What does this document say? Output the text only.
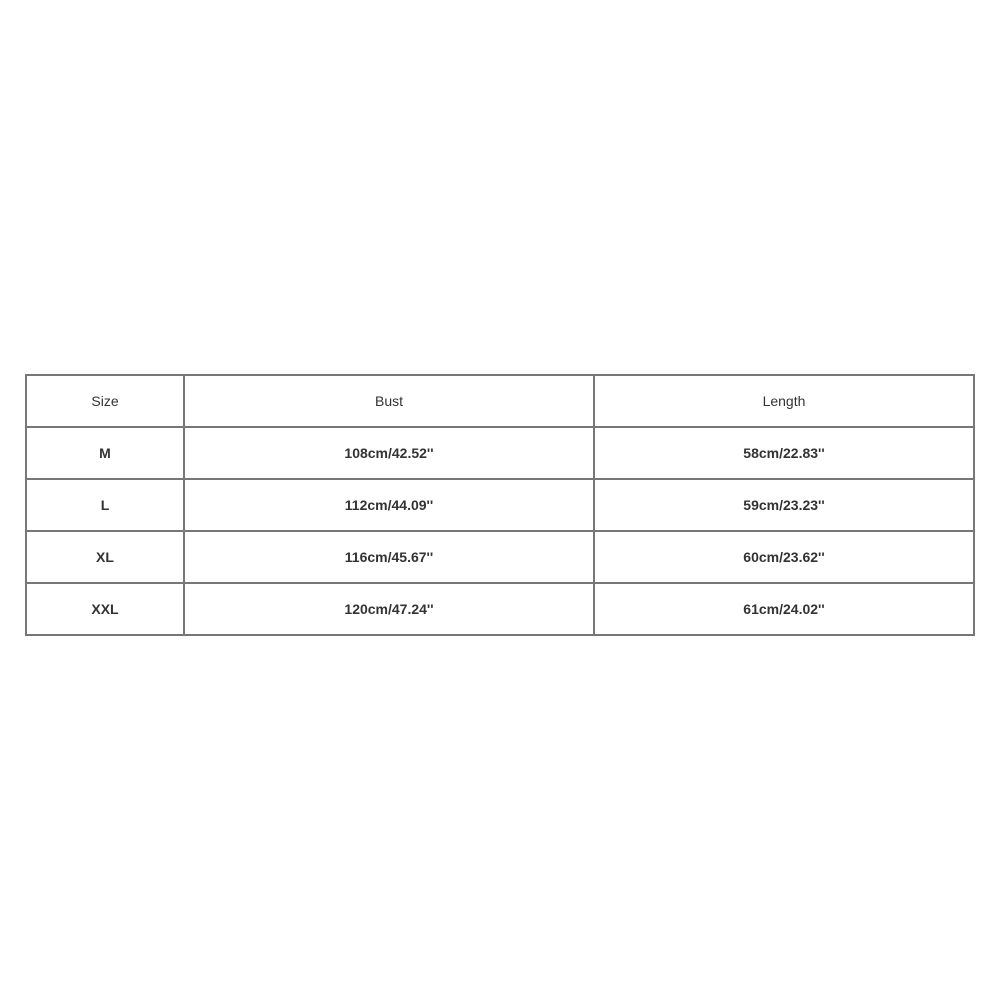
Size	Bust	Length
M	108cm/42.52''	58cm/22.83''
L	112cm/44.09''	59cm/23.23''
XL	116cm/45.67''	60cm/23.62''
XXL	120cm/47.24''	61cm/24.02''
